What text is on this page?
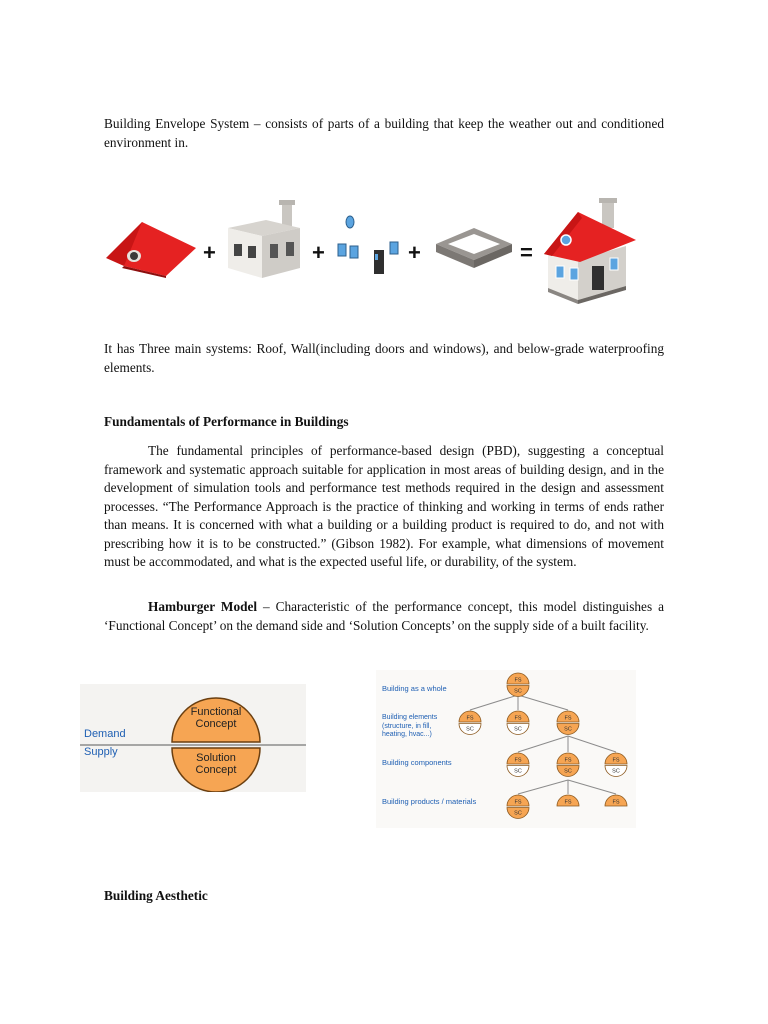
Building Envelope System – consists of parts of a building that keep the weather out and conditioned environment in.

+	+	+	=

It has Three main systems: Roof, Wall(including doors and windows), and below-grade waterproofing elements.

Fundamentals of Performance in Buildings

The fundamental principles of performance-based design (PBD), suggesting a conceptual framework and systematic approach suitable for application in most areas of building design, and in the development of simulation tools and performance test methods required in the design and assessment processes. “The Performance Approach is the practice of thinking and working in terms of ends rather than means. It is concerned with what a building or a building product is required to do, and not with prescribing how it is to be constructed.” (Gibson 1982). For example, what dimensions of movement must be accommodated, and what is the expected useful life, or durability, of the system.

Hamburger Model – Characteristic of the performance concept, this model distinguishes a ‘Functional Concept’ on the demand side and ‘Solution Concepts’ on the supply side of a built facility.

Functional Concept
Solution Concept
Demand
Supply
FS
SC
FS
SC
FS
SC
FS
SC
FS
SC
FS
SC
FS
SC
FS
SC
FS	FS
Building as a whole
Building elements (structure, in fill, heating, hvac...)
Building components
Building products / materials

Building Aesthetic
